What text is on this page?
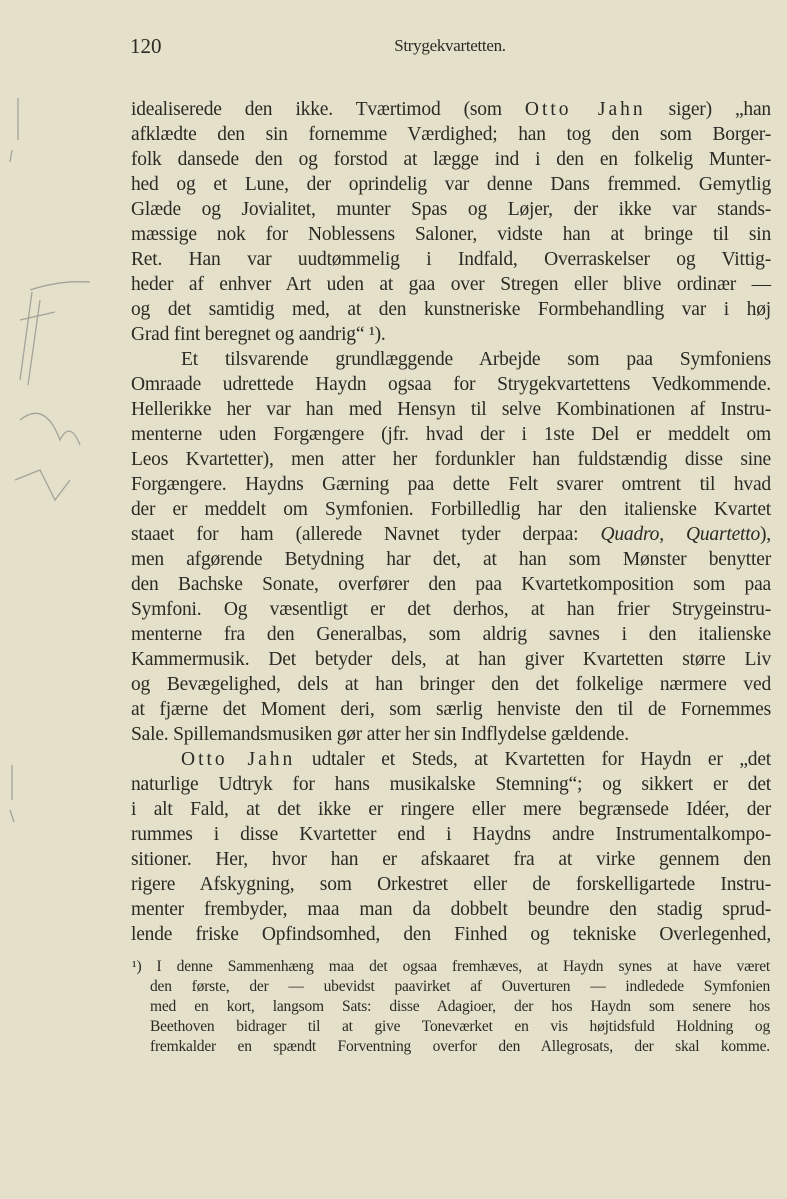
120	Strygekvartetten.
idealiserede den ikke. Tværtimod (som Otto Jahn siger) „han
afklædte den sin fornemme Værdighed; han tog den som Borger-
folk dansede den og forstod at lægge ind i den en folkelig Munter-
hed og et Lune, der oprindelig var denne Dans fremmed. Gemytlig
Glæde og Jovialitet, munter Spas og Løjer, der ikke var stands-
mæssige nok for Noblessens Saloner, vidste han at bringe til sin
Ret. Han var uudtømmelig i Indfald, Overraskelser og Vittig-
heder af enhver Art uden at gaa over Stregen eller blive ordinær —
og det samtidig med, at den kunstneriske Formbehandling var i høj
Grad fint beregnet og aandrig“ ¹).
Et tilsvarende grundlæggende Arbejde som paa Symfoniens
Omraade udrettede Haydn ogsaa for Strygekvartettens Vedkommende.
Hellerikke her var han med Hensyn til selve Kombinationen af Instru-
menterne uden Forgængere (jfr. hvad der i 1ste Del er meddelt om
Leos Kvartetter), men atter her fordunkler han fuldstændig disse sine
Forgængere. Haydns Gærning paa dette Felt svarer omtrent til hvad
der er meddelt om Symfonien. Forbilledlig har den italienske Kvartet
staaet for ham (allerede Navnet tyder derpaa: Quadro, Quartetto),
men afgørende Betydning har det, at han som Mønster benytter
den Bachske Sonate, overfører den paa Kvartetkomposition som paa
Symfoni. Og væsentligt er det derhos, at han frier Strygeinstru-
menterne fra den Generalbas, som aldrig savnes i den italienske
Kammermusik. Det betyder dels, at han giver Kvartetten større Liv
og Bevægelighed, dels at han bringer den det folkelige nærmere ved
at fjærne det Moment deri, som særlig henviste den til de Fornemmes
Sale. Spillemandsmusiken gør atter her sin Indflydelse gældende.
Otto Jahn udtaler et Steds, at Kvartetten for Haydn er „det
naturlige Udtryk for hans musikalske Stemning“; og sikkert er det
i alt Fald, at det ikke er ringere eller mere begrænsede Idéer, der
rummes i disse Kvartetter end i Haydns andre Instrumentalkompo-
sitioner. Her, hvor han er afskaaret fra at virke gennem den
rigere Afskygning, som Orkestret eller de forskelligartede Instru-
menter frembyder, maa man da dobbelt beundre den stadig sprud-
lende friske Opfindsomhed, den Finhed og tekniske Overlegenhed,
¹) I denne Sammenhæng maa det ogsaa fremhæves, at Haydn synes at have været
den første, der — ubevidst paavirket af Ouverturen — indledede Symfonien
med en kort, langsom Sats: disse Adagioer, der hos Haydn som senere hos
Beethoven bidrager til at give Toneværket en vis højtidsfuld Holdning og
fremkalder en spændt Forventning overfor den Allegrosats, der skal komme.
